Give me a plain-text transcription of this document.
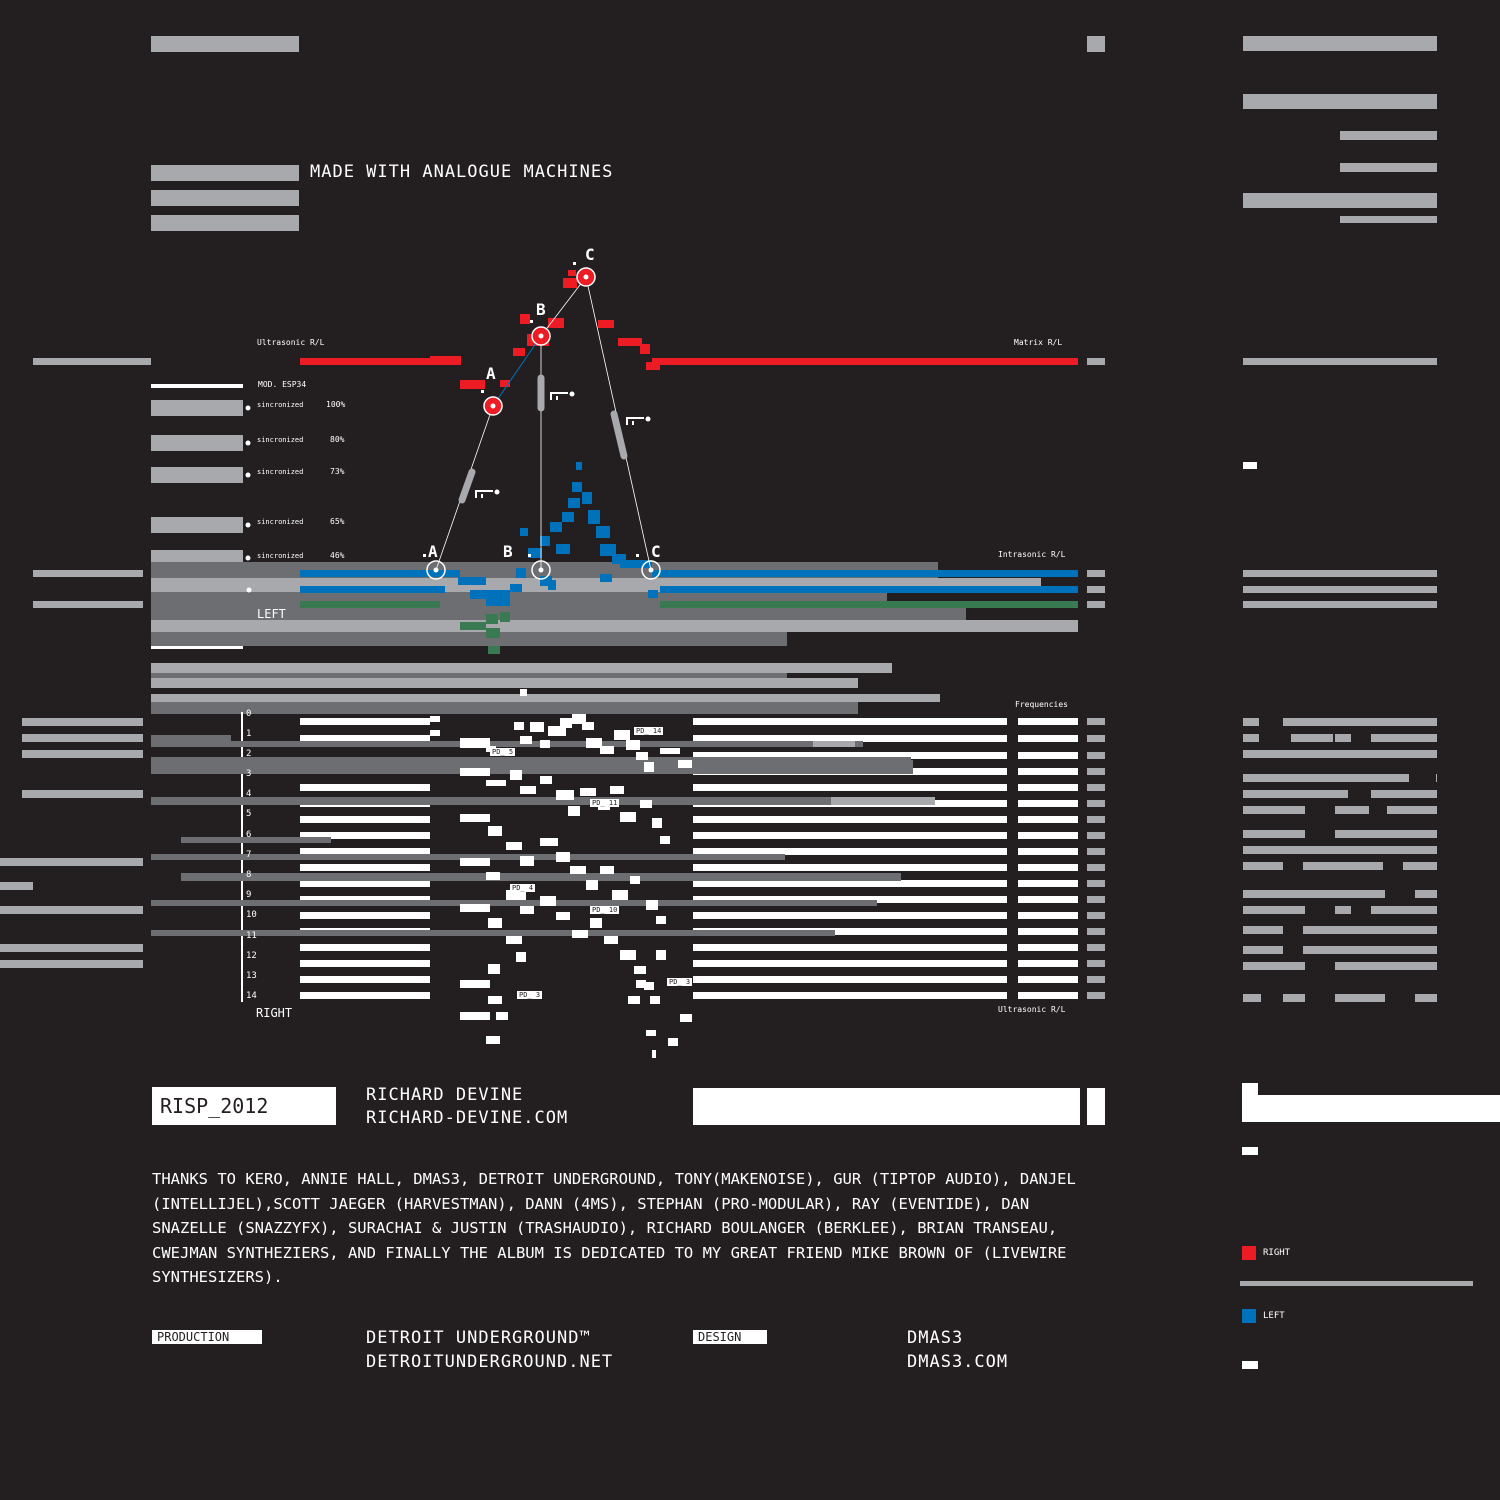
MADE WITH ANALOGUE MACHINES
Ultrasonic R/L	Matrix R/L
MOD. ESP34
sincronized	100%
sincronized	80%
sincronized	73%
sincronized	65%
sincronized	46%
A
B
C
A	B	C	Intrasonic R/L
LEFT
Frequencies
RIGHT	Ultrasonic R/L
0
1
2
3
4
5
6
7
8
9
10
11
12
13
14
PD_ 14
PD_ 5
PD_ 11
PD_ 4
PD_ 10
PD_ 3
PD_ 3
RISP_2012	RICHARD DEVINE
RICHARD-DEVINE.COM
THANKS TO KERO, ANNIE HALL, DMAS3, DETROIT UNDERGROUND, TONY(MAKENOISE), GUR (TIPTOP AUDIO), DANJEL (INTELLIJEL),SCOTT JAEGER (HARVESTMAN), DANN (4MS), STEPHAN (PRO-MODULAR), RAY (EVENTIDE), DAN SNAZELLE (SNAZZYFX), SURACHAI & JUSTIN (TRASHAUDIO), RICHARD BOULANGER (BERKLEE), BRIAN TRANSEAU, CWEJMAN SYNTHEZIERS, AND FINALLY THE ALBUM IS DEDICATED TO MY GREAT FRIEND MIKE BROWN OF (LIVEWIRE SYNTHESIZERS).
PRODUCTION	DETROIT UNDERGROUND™
DETROITUNDERGROUND.NET
DESIGN	DMAS3
DMAS3.COM
RIGHT
LEFT
